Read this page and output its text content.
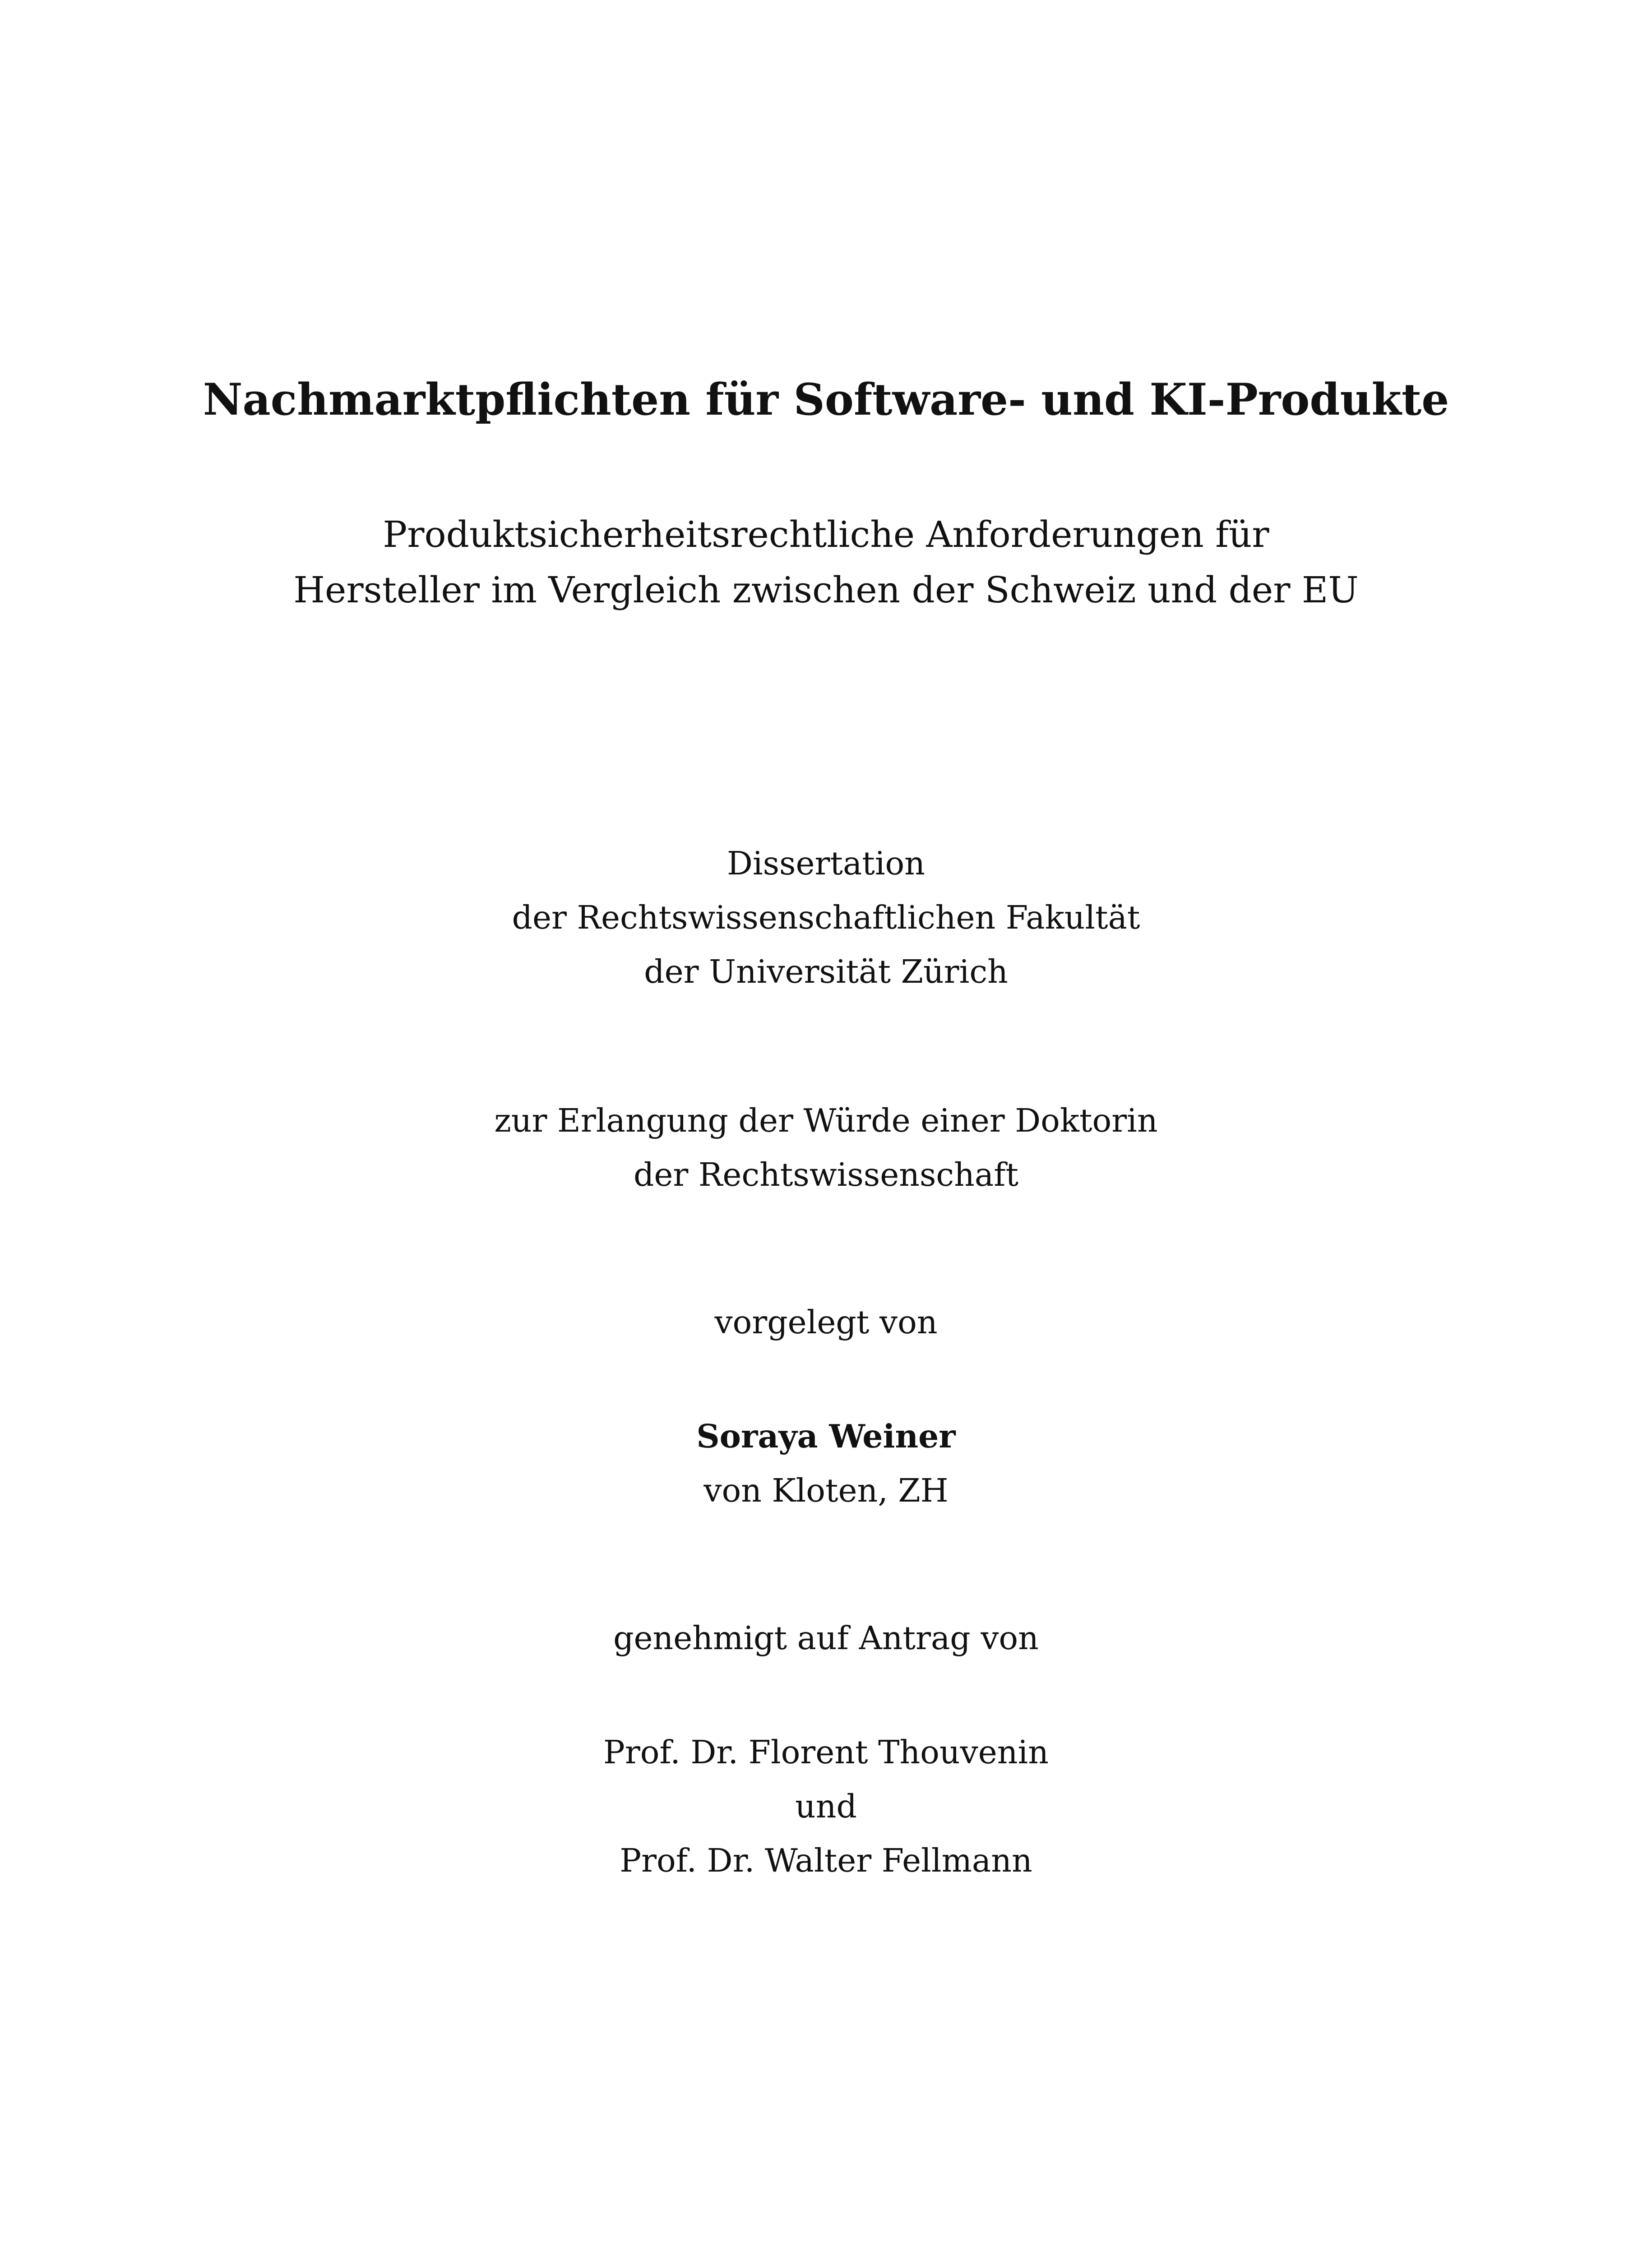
Nachmarktpflichten für Software- und KI-Produkte
Produktsicherheitsrechtliche Anforderungen für
Hersteller im Vergleich zwischen der Schweiz und der EU
Dissertation
der Rechtswissenschaftlichen Fakultät
der Universität Zürich
zur Erlangung der Würde einer Doktorin
der Rechtswissenschaft
vorgelegt von
Soraya Weiner
von Kloten, ZH
genehmigt auf Antrag von
Prof. Dr. Florent Thouvenin
und
Prof. Dr. Walter Fellmann
